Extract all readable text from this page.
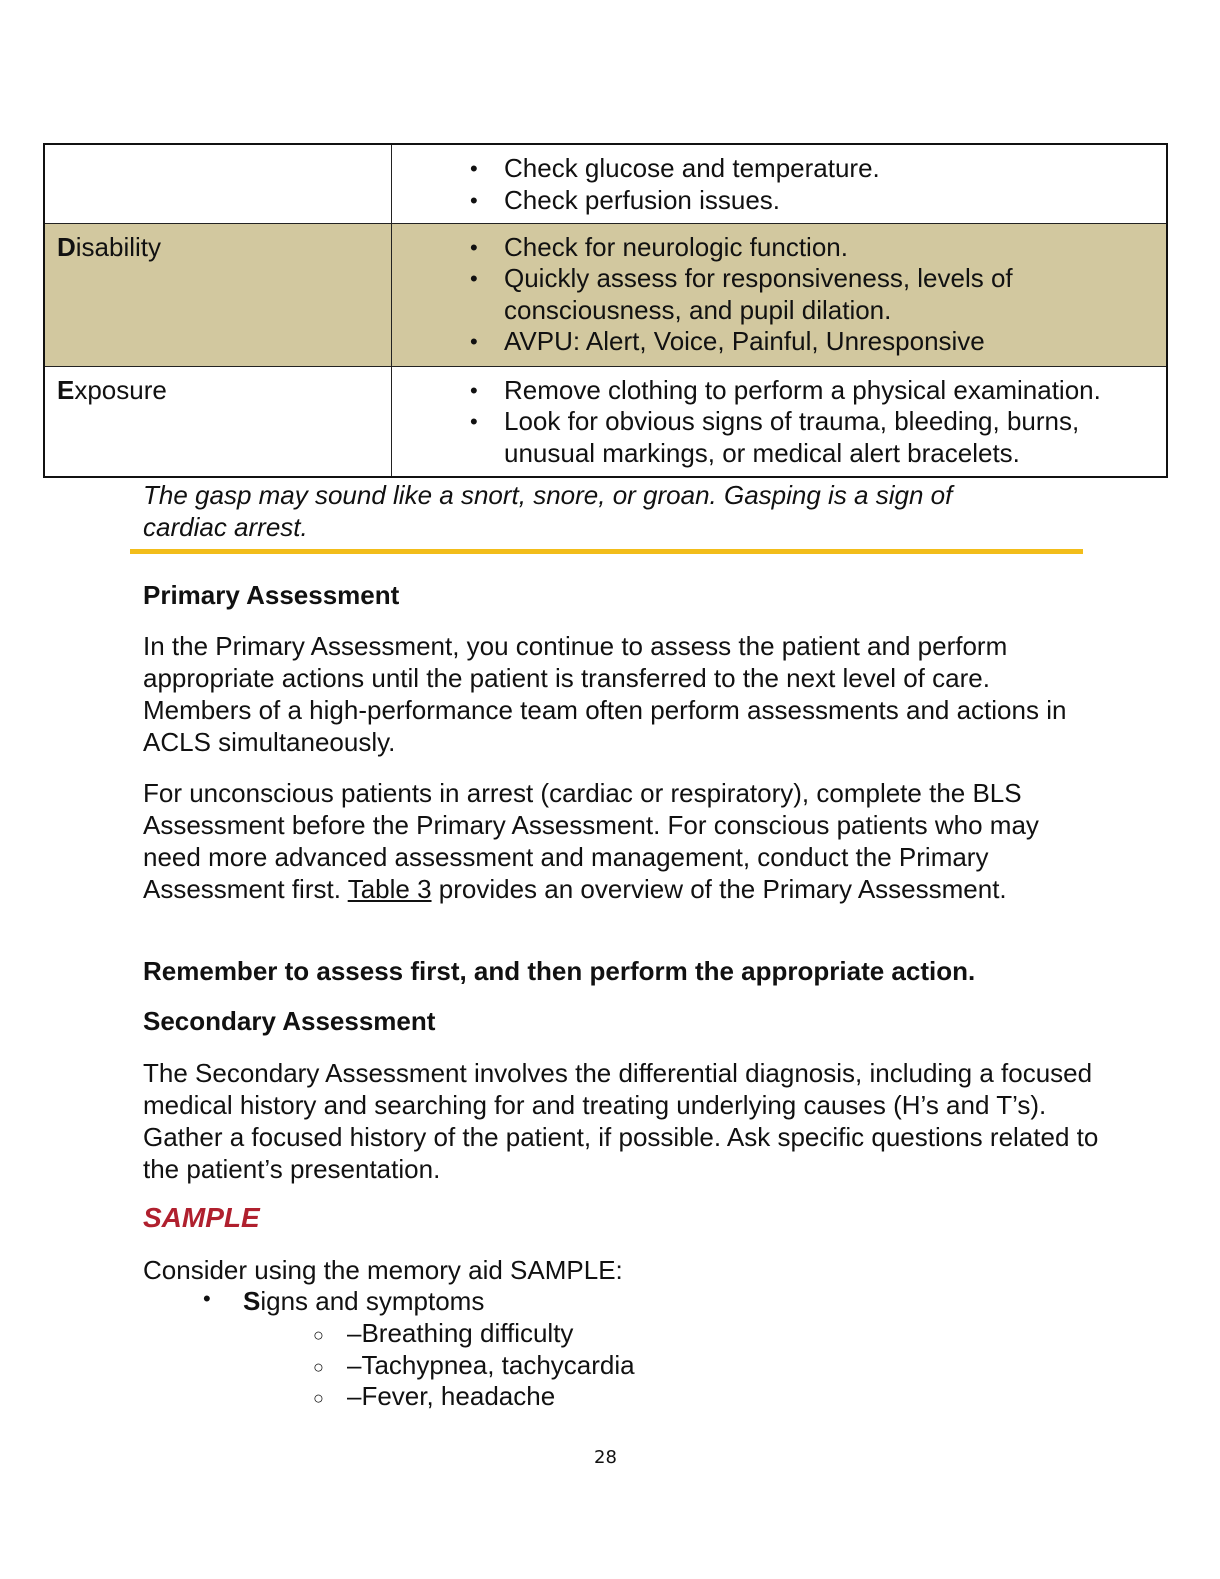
• Check glucose and temperature.
• Check perfusion issues.

Disability	
•Check for neurologic function.
• Quickly assess for responsiveness, levels of consciousness, and pupil dilation.
• AVPU: Alert, Voice, Painful, Unresponsive

Exposure	
•Remove clothing to perform a physical examination.
• Look for obvious signs of trauma, bleeding, burns, unusual markings, or medical alert bracelets.
The gasp may sound like a snort, snore, or groan. Gasping is a sign of cardiac arrest.
Primary Assessment
In the Primary Assessment, you continue to assess the patient and perform appropriate actions until the patient is transferred to the next level of care. Members of a high-performance team often perform assessments and actions in ACLS simultaneously.
For unconscious patients in arrest (cardiac or respiratory), complete the BLS Assessment before the Primary Assessment. For conscious patients who may need more advanced assessment and management, conduct the Primary Assessment first. Table 3 provides an overview of the Primary Assessment.
Remember to assess first, and then perform the appropriate action.
Secondary Assessment
The Secondary Assessment involves the differential diagnosis, including a focused medical history and searching for and treating underlying causes (H’s and T’s). Gather a focused history of the patient, if possible. Ask specific questions related to the patient’s presentation.
SAMPLE
Consider using the memory aid SAMPLE:
• Signs and symptoms
○ –Breathing difficulty
○ –Tachypnea, tachycardia
○ –Fever, headache
28
